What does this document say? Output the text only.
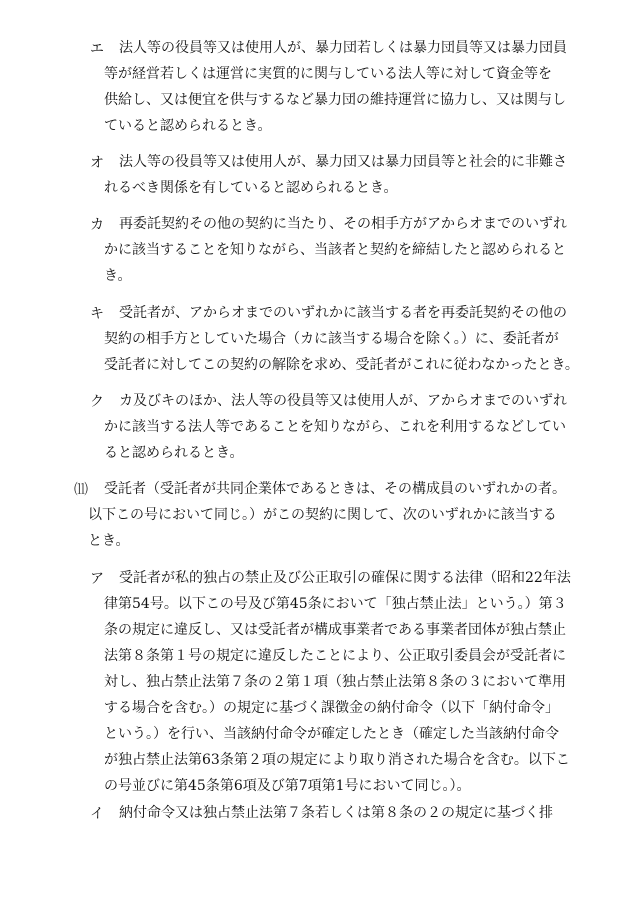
エ 法人等の役員等又は使用人が、暴力団若しくは暴力団員等又は暴力団員
等が経営若しくは運営に実質的に関与している法人等に対して資金等を
供給し、又は便宜を供与するなど暴力団の維持運営に協力し、又は関与し
ていると認められるとき。
オ 法人等の役員等又は使用人が、暴力団又は暴力団員等と社会的に非難さ
れるべき関係を有していると認められるとき。
カ 再委託契約その他の契約に当たり、その相手方がアからオまでのいずれ
かに該当することを知りながら、当該者と契約を締結したと認められると
き。
キ 受託者が、アからオまでのいずれかに該当する者を再委託契約その他の
契約の相手方としていた場合（カに該当する場合を除く。）に、委託者が
受託者に対してこの契約の解除を求め、受託者がこれに従わなかったとき。
ク カ及びキのほか、法人等の役員等又は使用人が、アからオまでのいずれ
かに該当する法人等であることを知りながら、これを利用するなどしてい
ると認められるとき。
⑾ 受託者（受託者が共同企業体であるときは、その構成員のいずれかの者。
以下この号において同じ。）がこの契約に関して、次のいずれかに該当する
とき。
ア 受託者が私的独占の禁止及び公正取引の確保に関する法律（昭和22年法
律第54号。以下この号及び第45条において「独占禁止法」という。）第３
条の規定に違反し、又は受託者が構成事業者である事業者団体が独占禁止
法第８条第１号の規定に違反したことにより、公正取引委員会が受託者に
対し、独占禁止法第７条の２第１項（独占禁止法第８条の３において準用
する場合を含む。）の規定に基づく課徴金の納付命令（以下「納付命令」
という。）を行い、当該納付命令が確定したとき（確定した当該納付命令
が独占禁止法第63条第２項の規定により取り消された場合を含む。以下こ
の号並びに第45条第6項及び第7項第1号において同じ。）。
イ 納付命令又は独占禁止法第７条若しくは第８条の２の規定に基づく排
